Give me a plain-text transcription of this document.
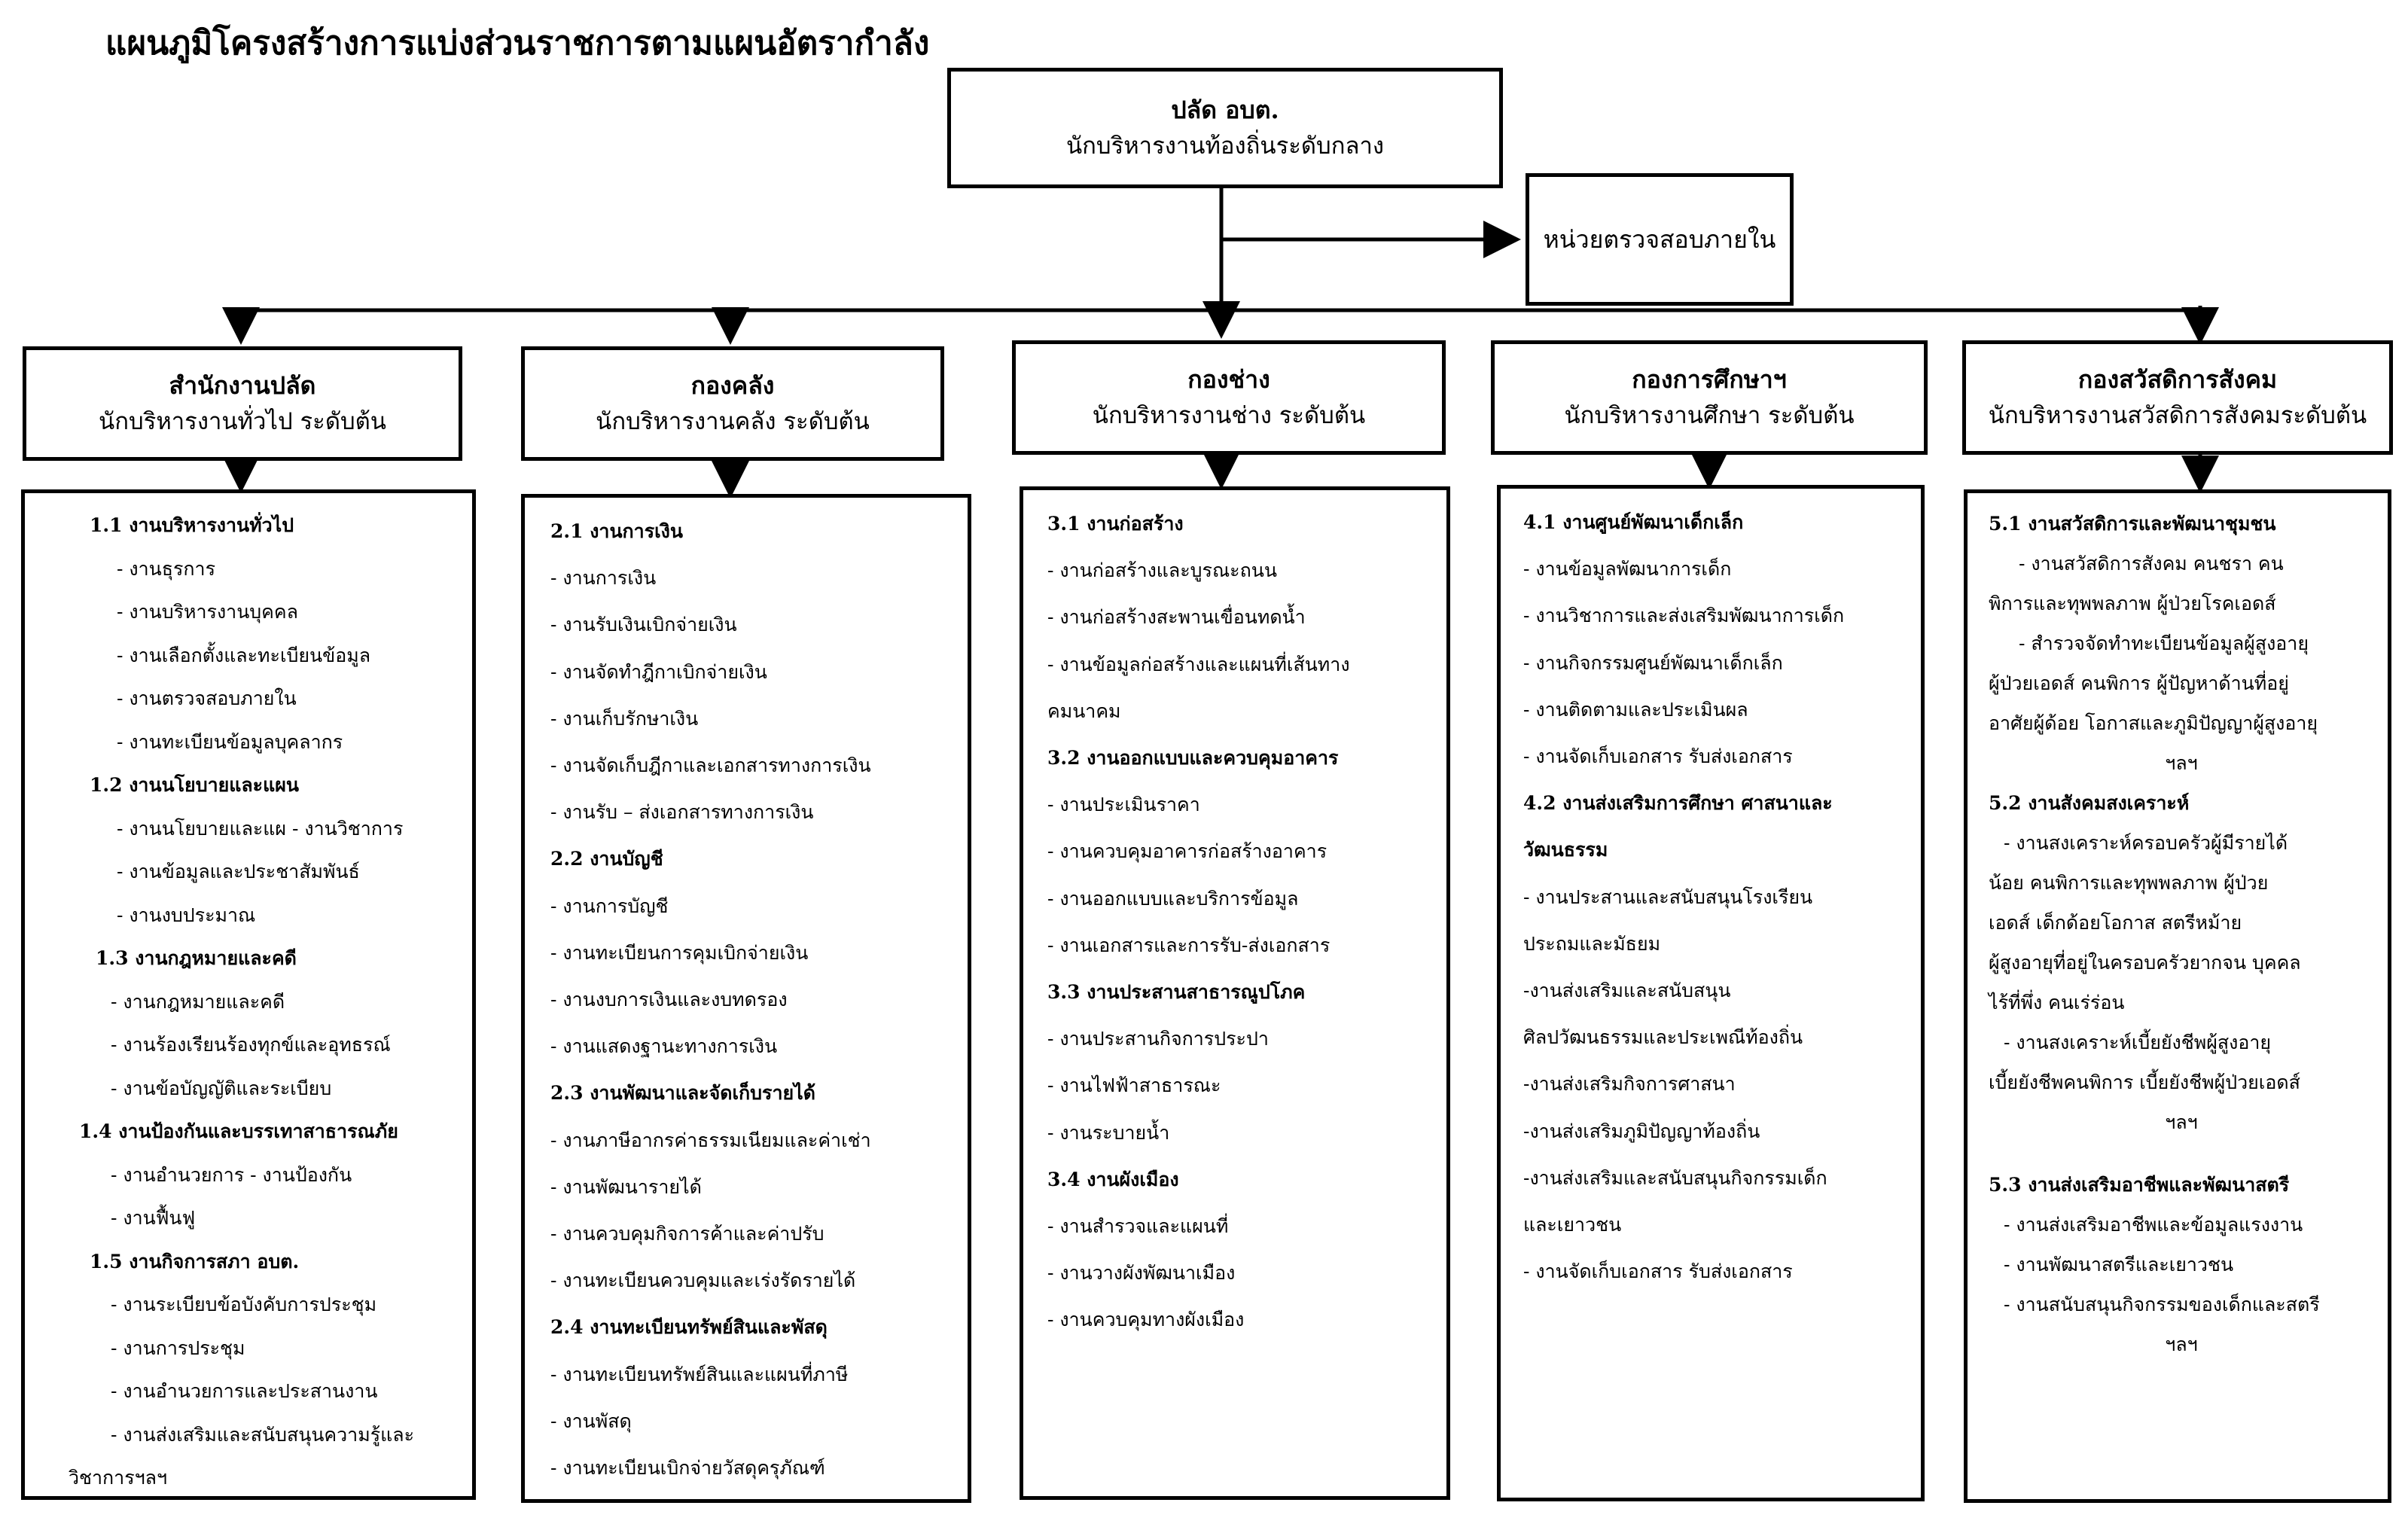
แผนภูมิโครงสร้างการแบ่งส่วนราชการตามแผนอัตรากำลัง
ปลัด อบต.
นักบริหารงานท้องถิ่นระดับกลาง
หน่วยตรวจสอบภายใน
สำนักงานปลัด
นักบริหารงานทั่วไป ระดับต้น
กองคลัง
นักบริหารงานคลัง ระดับต้น
กองช่าง
นักบริหารงานช่าง ระดับต้น
กองการศึกษาฯ
นักบริหารงานศึกษา ระดับต้น
กองสวัสดิการสังคม
นักบริหารงานสวัสดิการสังคมระดับต้น
1.1 งานบริหารงานทั่วไป
- งานธุรการ
- งานบริหารงานบุคคล
- งานเลือกตั้งและทะเบียนข้อมูล
- งานตรวจสอบภายใน
- งานทะเบียนข้อมูลบุคลากร
1.2 งานนโยบายและแผน
- งานนโยบายและแผ - งานวิชาการ
- งานข้อมูลและประชาสัมพันธ์
- งานงบประมาณ
1.3 งานกฎหมายและคดี
- งานกฎหมายและคดี
- งานร้องเรียนร้องทุกข์และอุทธรณ์
- งานข้อบัญญัติและระเบียบ
1.4 งานป้องกันและบรรเทาสาธารณภัย
- งานอำนวยการ - งานป้องกัน
- งานฟื้นฟู
1.5 งานกิจการสภา อบต.
- งานระเบียบข้อบังคับการประชุม
- งานการประชุม
- งานอำนวยการและประสานงาน
- งานส่งเสริมและสนับสนุนความรู้และ
วิชาการฯลฯ
2.1 งานการเงิน
- งานการเงิน
- งานรับเงินเบิกจ่ายเงิน
- งานจัดทำฎีกาเบิกจ่ายเงิน
- งานเก็บรักษาเงิน
- งานจัดเก็บฎีกาและเอกสารทางการเงิน
- งานรับ – ส่งเอกสารทางการเงิน
2.2 งานบัญชี
- งานการบัญชี
- งานทะเบียนการคุมเบิกจ่ายเงิน
- งานงบการเงินและงบทดรอง
- งานแสดงฐานะทางการเงิน
2.3 งานพัฒนาและจัดเก็บรายได้
- งานภาษีอากรค่าธรรมเนียมและค่าเช่า
- งานพัฒนารายได้
- งานควบคุมกิจการค้าและค่าปรับ
- งานทะเบียนควบคุมและเร่งรัดรายได้
2.4 งานทะเบียนทรัพย์สินและพัสดุ
- งานทะเบียนทรัพย์สินและแผนที่ภาษี
- งานพัสดุ
- งานทะเบียนเบิกจ่ายวัสดุครุภัณฑ์
3.1 งานก่อสร้าง
- งานก่อสร้างและบูรณะถนน
- งานก่อสร้างสะพานเขื่อนทดน้ำ
- งานข้อมูลก่อสร้างและแผนที่เส้นทาง
คมนาคม
3.2 งานออกแบบและควบคุมอาคาร
- งานประเมินราคา
- งานควบคุมอาคารก่อสร้างอาคาร
- งานออกแบบและบริการข้อมูล
- งานเอกสารและการรับ-ส่งเอกสาร
3.3 งานประสานสาธารณูปโภค
- งานประสานกิจการประปา
- งานไฟฟ้าสาธารณะ
- งานระบายน้ำ
3.4 งานผังเมือง
- งานสำรวจและแผนที่
- งานวางผังพัฒนาเมือง
- งานควบคุมทางผังเมือง
4.1 งานศูนย์พัฒนาเด็กเล็ก
- งานข้อมูลพัฒนาการเด็ก
- งานวิชาการและส่งเสริมพัฒนาการเด็ก
- งานกิจกรรมศูนย์พัฒนาเด็กเล็ก
- งานติดตามและประเมินผล
- งานจัดเก็บเอกสาร รับส่งเอกสาร
4.2 งานส่งเสริมการศึกษา ศาสนาและ
วัฒนธรรม
- งานประสานและสนับสนุนโรงเรียน
ประถมและมัธยม
-งานส่งเสริมและสนับสนุน
ศิลปวัฒนธรรมและประเพณีท้องถิ่น
-งานส่งเสริมกิจการศาสนา
-งานส่งเสริมภูมิปัญญาท้องถิ่น
-งานส่งเสริมและสนับสนุนกิจกรรมเด็ก
และเยาวชน
- งานจัดเก็บเอกสาร รับส่งเอกสาร
5.1 งานสวัสดิการและพัฒนาชุมชน
- งานสวัสดิการสังคม คนชรา คน
พิการและทุพพลภาพ ผู้ป่วยโรคเอดส์
- สำรวจจัดทำทะเบียนข้อมูลผู้สูงอายุ
ผู้ป่วยเอดส์ คนพิการ ผู้ปัญหาด้านที่อยู่
อาศัยผู้ด้อย โอกาสและภูมิปัญญาผู้สูงอายุ
ฯลฯ
5.2 งานสังคมสงเคราะห์
- งานสงเคราะห์ครอบครัวผู้มีรายได้
น้อย คนพิการและทุพพลภาพ ผู้ป่วย
เอดส์ เด็กด้อยโอกาส สตรีหม้าย
ผู้สูงอายุที่อยู่ในครอบครัวยากจน บุคคล
ไร้ที่พึ่ง คนเร่ร่อน
- งานสงเคราะห์เบี้ยยังชีพผู้สูงอายุ
เบี้ยยังชีพคนพิการ เบี้ยยังชีพผู้ป่วยเอดส์
ฯลฯ
5.3 งานส่งเสริมอาชีพและพัฒนาสตรี
- งานส่งเสริมอาชีพและข้อมูลแรงงาน
- งานพัฒนาสตรีและเยาวชน
- งานสนับสนุนกิจกรรมของเด็กและสตรี
ฯลฯ
